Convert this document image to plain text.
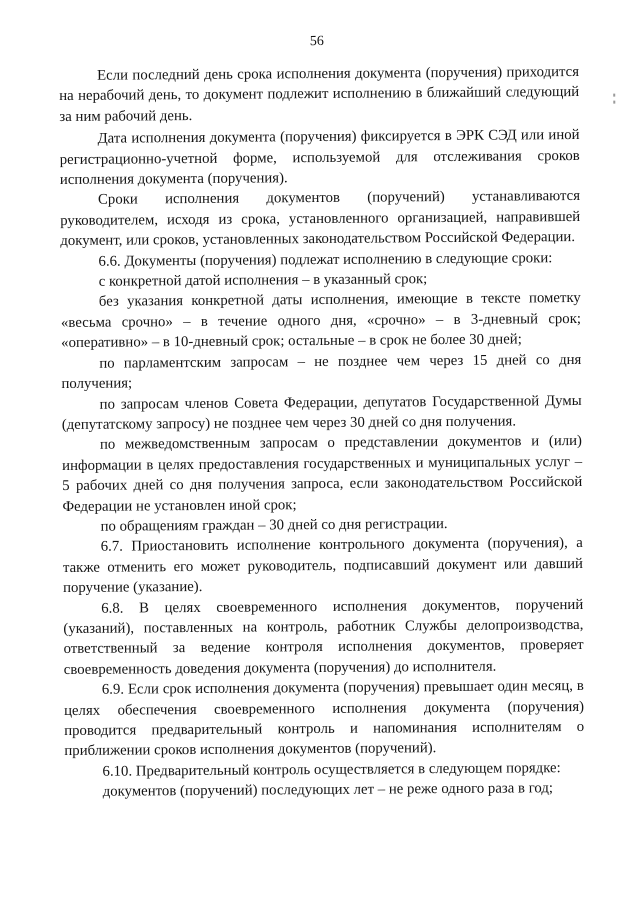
56

Если последний день срока исполнения документа (поручения) приходится на нерабочий день, то документ подлежит исполнению в ближайший следующий за ним рабочий день.

Дата исполнения документа (поручения) фиксируется в ЭРК СЭД или иной регистрационно-учетной форме, используемой для отслеживания сроков исполнения документа (поручения).

Сроки исполнения документов (поручений) устанавливаются руководителем, исходя из срока, установленного организацией, направившей документ, или сроков, установленных законодательством Российской Федерации.

6.6. Документы (поручения) подлежат исполнению в следующие сроки:

с конкретной датой исполнения – в указанный срок;

без указания конкретной даты исполнения, имеющие в тексте пометку «весьма срочно» – в течение одного дня, «срочно» – в 3-дневный срок; «оперативно» – в 10-дневный срок; остальные – в срок не более 30 дней;

по парламентским запросам – не позднее чем через 15 дней со дня получения;

по запросам членов Совета Федерации, депутатов Государственной Думы (депутатскому запросу) не позднее чем через 30 дней со дня получения.

по межведомственным запросам о представлении документов и (или) информации в целях предоставления государственных и муниципальных услуг – 5 рабочих дней со дня получения запроса, если законодательством Российской Федерации не установлен иной срок;

по обращениям граждан – 30 дней со дня регистрации.

6.7. Приостановить исполнение контрольного документа (поручения), а также отменить его может руководитель, подписавший документ или давший поручение (указание).

6.8. В целях своевременного исполнения документов, поручений (указаний), поставленных на контроль, работник Службы делопроизводства, ответственный за ведение контроля исполнения документов, проверяет своевременность доведения документа (поручения) до исполнителя.

6.9. Если срок исполнения документа (поручения) превышает один месяц, в целях обеспечения своевременного исполнения документа (поручения) проводится предварительный контроль и напоминания исполнителям о приближении сроков исполнения документов (поручений).

6.10. Предварительный контроль осуществляется в следующем порядке:

документов (поручений) последующих лет – не реже одного раза в год;
